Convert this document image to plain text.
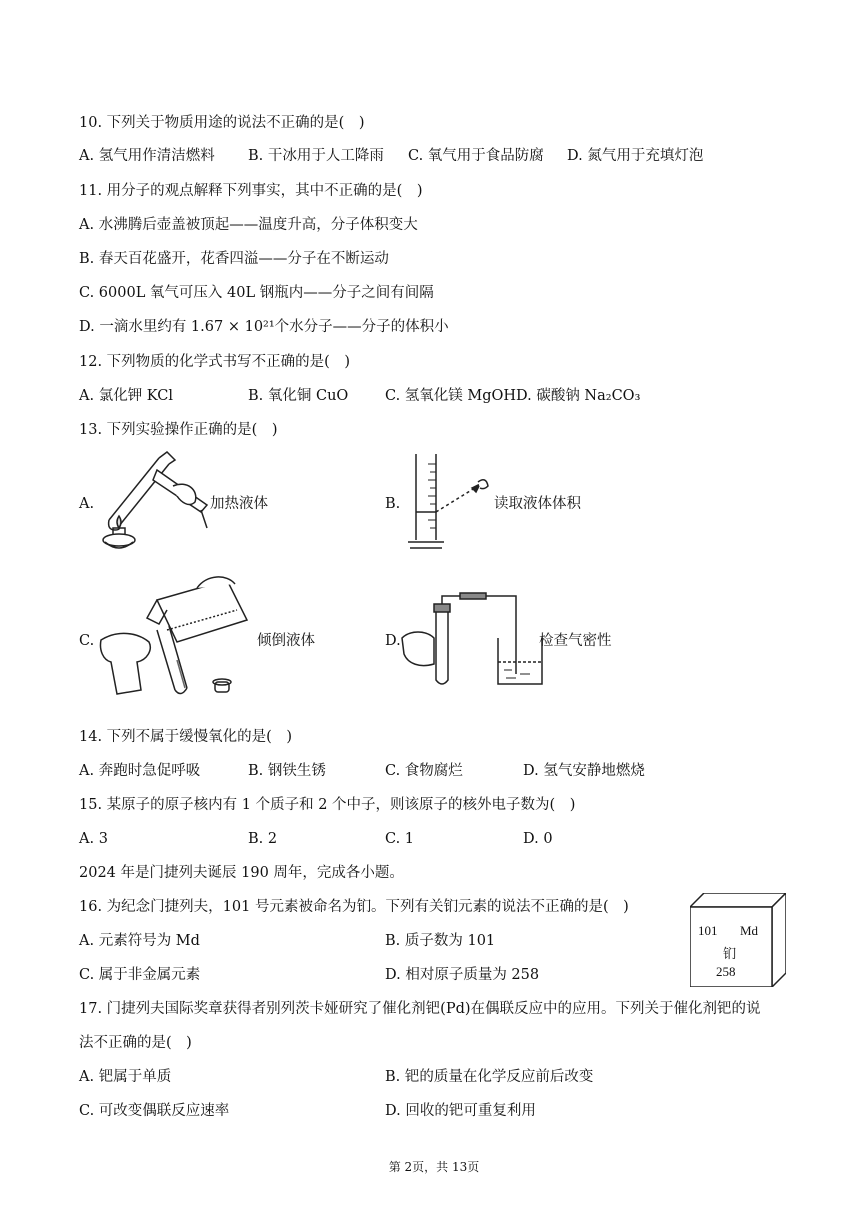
10. 下列关于物质用途的说法不正确的是(　)
A. 氢气用作清洁燃料 B. 干冰用于人工降雨 C. 氧气用于食品防腐 D. 氮气用于充填灯泡
11. 用分子的观点解释下列事实，其中不正确的是(　)
A. 水沸腾后壶盖被顶起——温度升高，分子体积变大
B. 春天百花盛开，花香四溢——分子在不断运动
C. 6000L 氧气可压入 40L 钢瓶内——分子之间有间隔
D. 一滴水里约有 1.67 × 10²¹个水分子——分子的体积小
12. 下列物质的化学式书写不正确的是(　)
A. 氯化钾 KCl	B. 氧化铜 CuO	C. 氢氧化镁 MgOH D. 碳酸钠 Na₂CO₃
13. 下列实验操作正确的是(　)
A.	加热液体	B.	读取液体体积
C.	倾倒液体	D.	检查气密性
14. 下列不属于缓慢氧化的是(　)
A. 奔跑时急促呼吸	B. 钢铁生锈	C. 食物腐烂	D. 氢气安静地燃烧
15. 某原子的原子核内有 1 个质子和 2 个中子，则该原子的核外电子数为(　)
A. 3	B. 2	C. 1	D. 0
2024 年是门捷列夫诞辰 190 周年，完成各小题。
16. 为纪念门捷列夫，101 号元素被命名为钔。下列有关钔元素的说法不正确的是(　)
A. 元素符号为 Md	B. 质子数为 101
C. 属于非金属元素	D. 相对原子质量为 258
101 Md
钔
258
17. 门捷列夫国际奖章获得者别列茨卡娅研究了催化剂钯(Pd)在偶联反应中的应用。下列关于催化剂钯的说
法不正确的是(　)
A. 钯属于单质	B. 钯的质量在化学反应前后改变
C. 可改变偶联反应速率	D. 回收的钯可重复利用
第 2页，共 13页
